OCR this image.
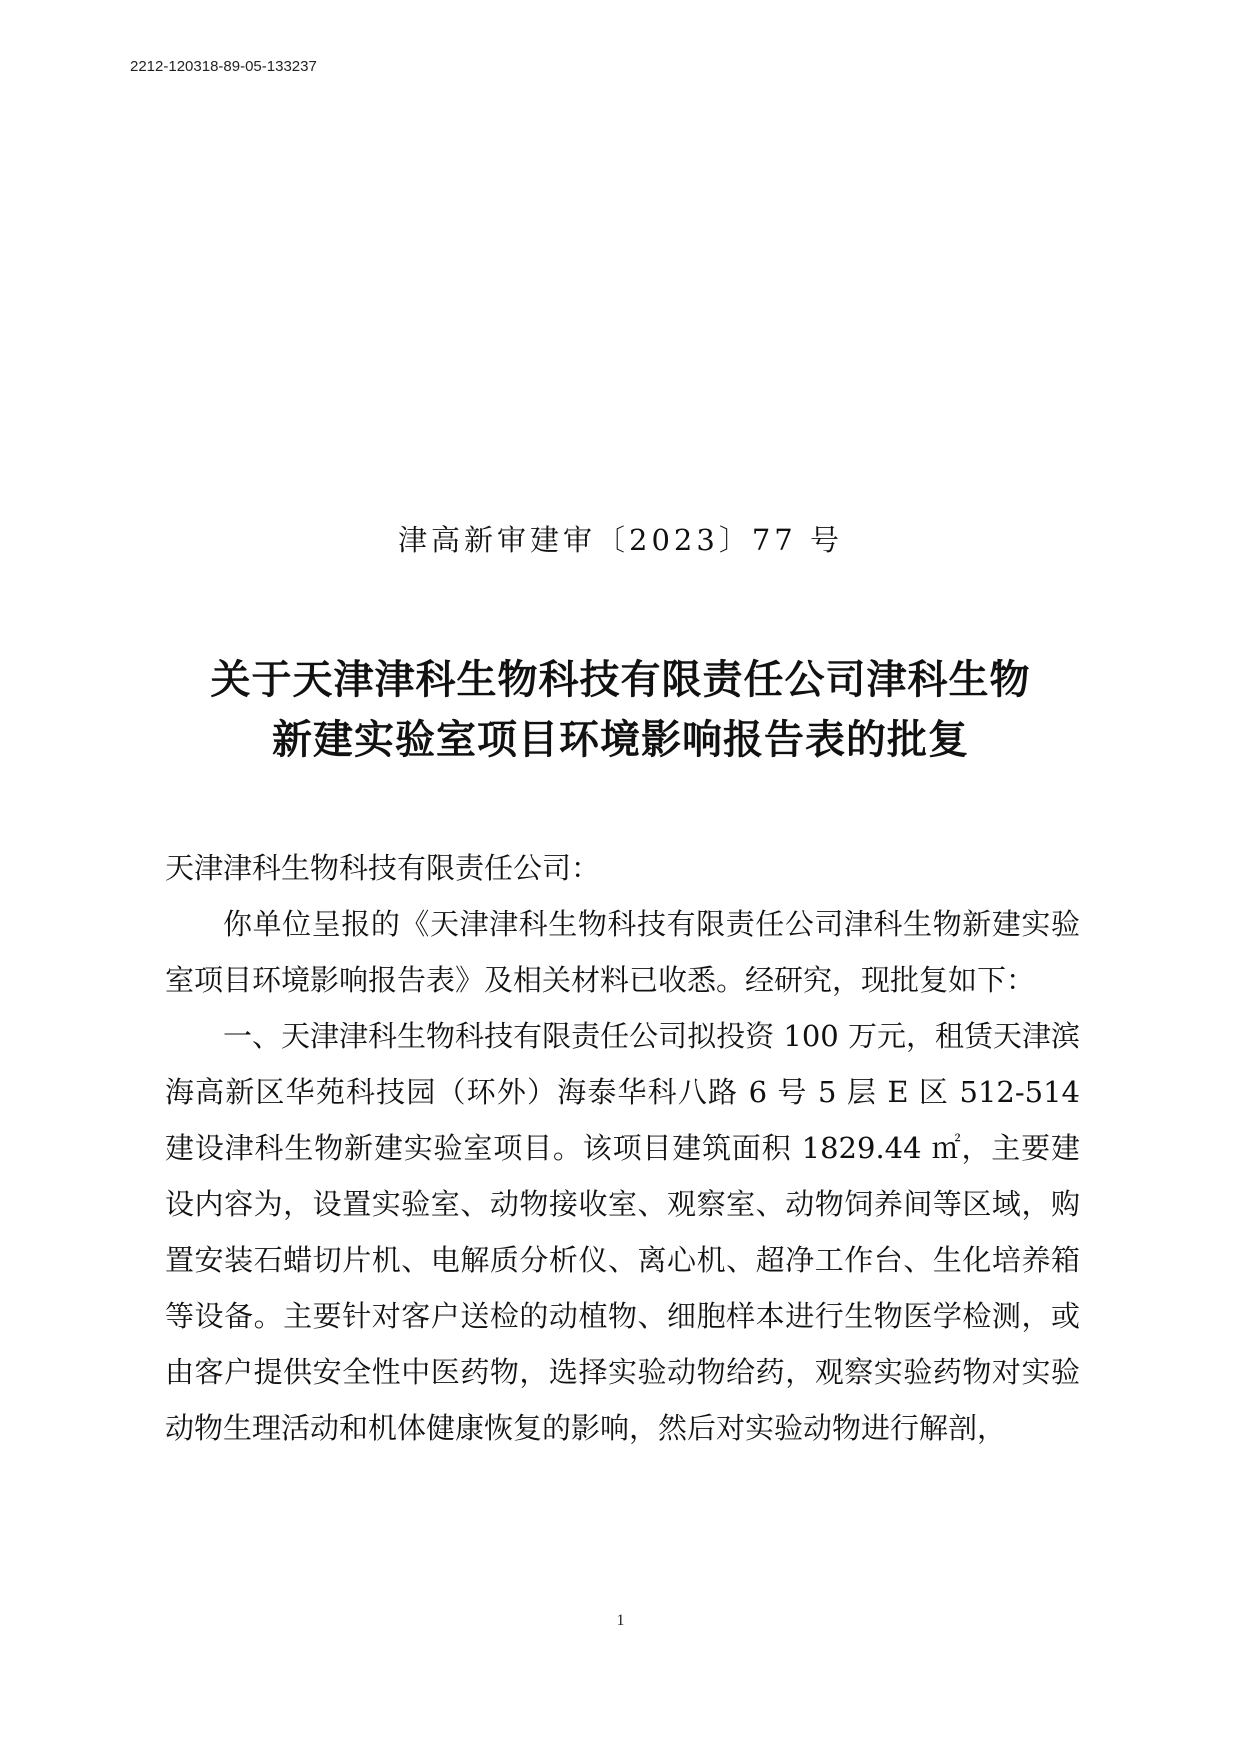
2212-120318-89-05-133237
津高新审建审〔2023〕77 号
关于天津津科生物科技有限责任公司津科生物
新建实验室项目环境影响报告表的批复

天津津科生物科技有限责任公司：

你单位呈报的《天津津科生物科技有限责任公司津科生物新建实验室项目环境影响报告表》及相关材料已收悉。经研究，现批复如下：

一、天津津科生物科技有限责任公司拟投资 100 万元，租赁天津滨海高新区华苑科技园（环外）海泰华科八路 6 号 5 层 E 区 512-514 建设津科生物新建实验室项目。该项目建筑面积 1829.44 ㎡，主要建设内容为，设置实验室、动物接收室、观察室、动物饲养间等区域，购置安装石蜡切片机、电解质分析仪、离心机、超净工作台、生化培养箱等设备。主要针对客户送检的动植物、细胞样本进行生物医学检测，或由客户提供安全性中医药物，选择实验动物给药，观察实验药物对实验动物生理活动和机体健康恢复的影响，然后对实验动物进行解剖，

1
